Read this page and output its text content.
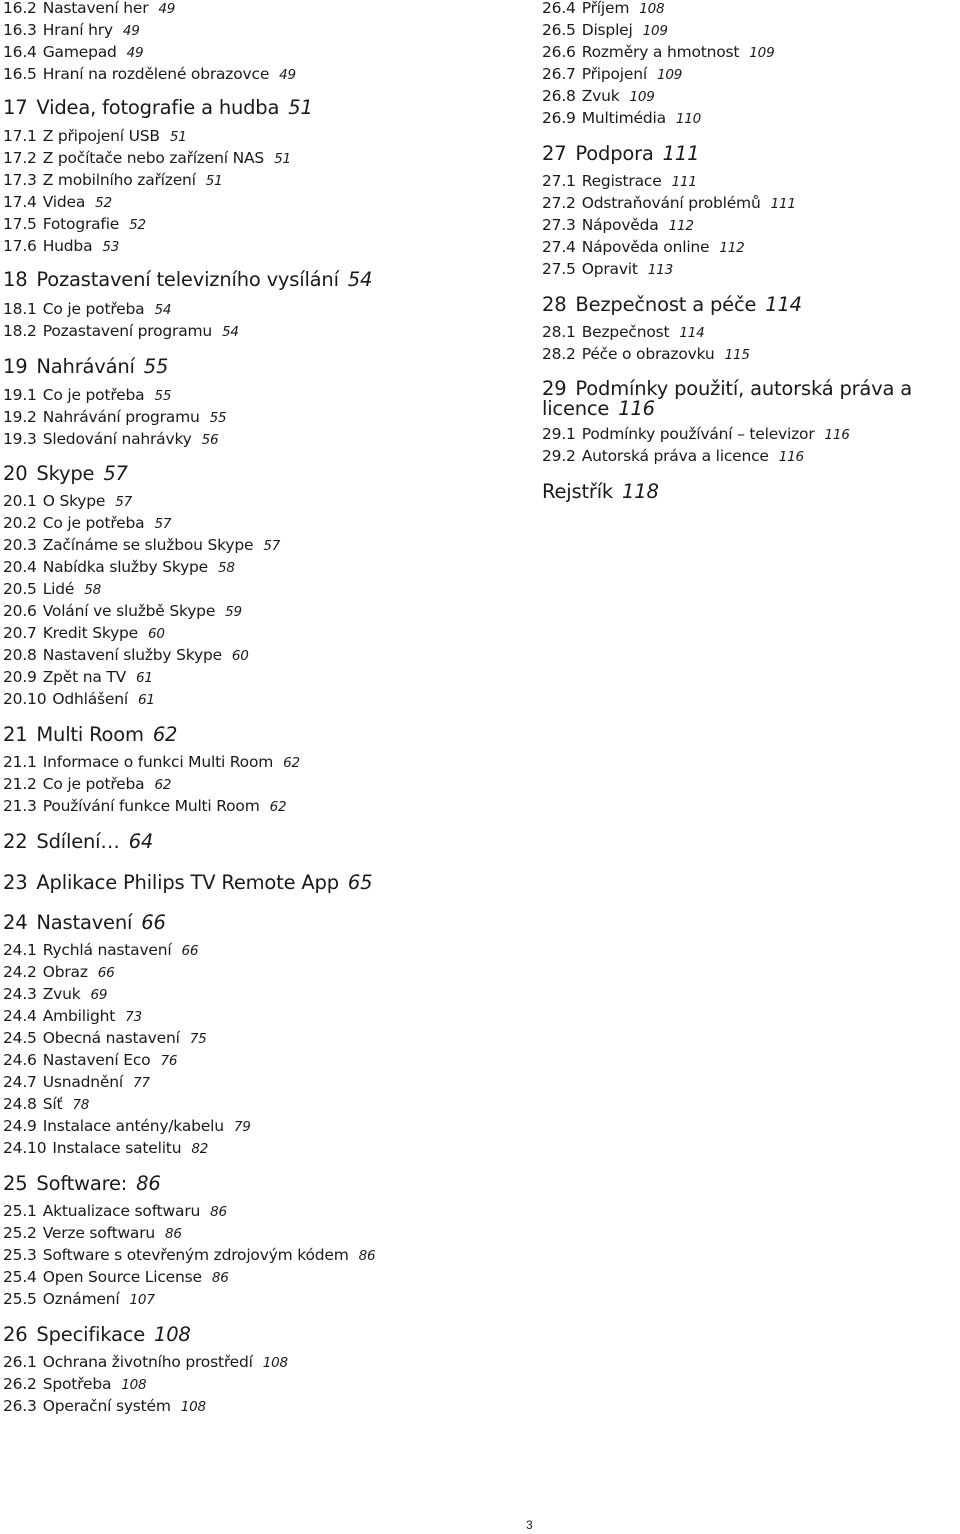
16.2 Nastavení her 49
16.3 Hraní hry 49
16.4 Gamepad 49
16.5 Hraní na rozdělené obrazovce 49
17 Videa, fotografie a hudba 51
17.1 Z připojení USB 51
17.2 Z počítače nebo zařízení NAS 51
17.3 Z mobilního zařízení 51
17.4 Videa 52
17.5 Fotografie 52
17.6 Hudba 53
18 Pozastavení televizního vysílání 54
18.1 Co je potřeba 54
18.2 Pozastavení programu 54
19 Nahrávání 55
19.1 Co je potřeba 55
19.2 Nahrávání programu 55
19.3 Sledování nahrávky 56
20 Skype 57
20.1 O Skype 57
20.2 Co je potřeba 57
20.3 Začínáme se službou Skype 57
20.4 Nabídka služby Skype 58
20.5 Lidé 58
20.6 Volání ve službě Skype 59
20.7 Kredit Skype 60
20.8 Nastavení služby Skype 60
20.9 Zpět na TV 61
20.10 Odhlášení 61
21 Multi Room 62
21.1 Informace o funkci Multi Room 62
21.2 Co je potřeba 62
21.3 Používání funkce Multi Room 62
22 Sdílení… 64
23 Aplikace Philips TV Remote App 65
24 Nastavení 66
24.1 Rychlá nastavení 66
24.2 Obraz 66
24.3 Zvuk 69
24.4 Ambilight 73
24.5 Obecná nastavení 75
24.6 Nastavení Eco 76
24.7 Usnadnění 77
24.8 Síť 78
24.9 Instalace antény/kabelu 79
24.10 Instalace satelitu 82
25 Software: 86
25.1 Aktualizace softwaru 86
25.2 Verze softwaru 86
25.3 Software s otevřeným zdrojovým kódem 86
25.4 Open Source License 86
25.5 Oznámení 107
26 Specifikace 108
26.1 Ochrana životního prostředí 108
26.2 Spotřeba 108
26.3 Operační systém 108
26.4 Příjem 108
26.5 Displej 109
26.6 Rozměry a hmotnost 109
26.7 Připojení 109
26.8 Zvuk 109
26.9 Multimédia 110
27 Podpora 111
27.1 Registrace 111
27.2 Odstraňování problémů 111
27.3 Nápověda 112
27.4 Nápověda online 112
27.5 Opravit 113
28 Bezpečnost a péče 114
28.1 Bezpečnost 114
28.2 Péče o obrazovku 115
29 Podmínky použití, autorská práva a licence 116
29.1 Podmínky používání – televizor 116
29.2 Autorská práva a licence 116
Rejstřík 118
3
